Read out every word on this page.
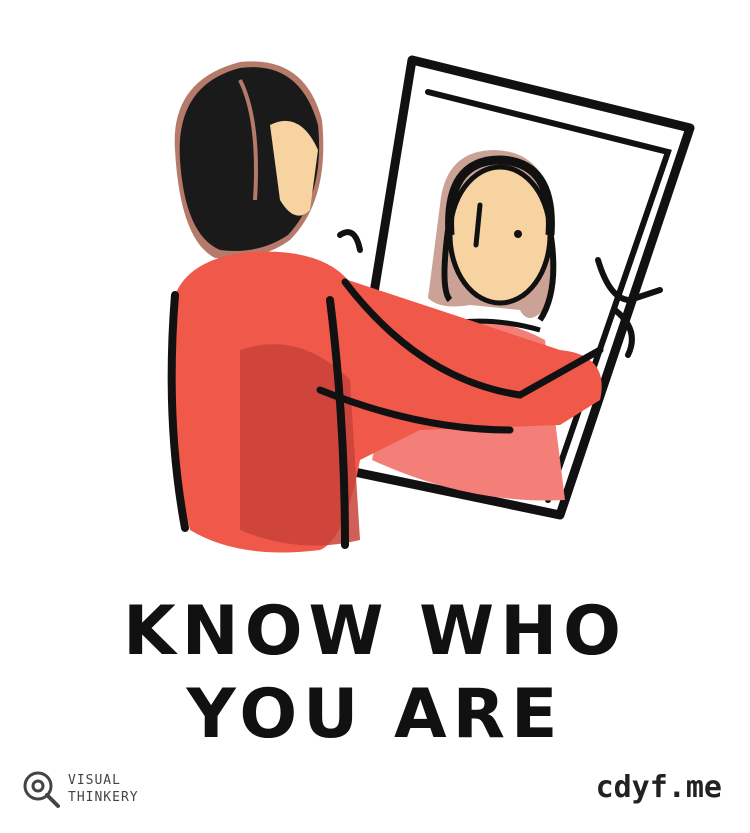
KNOW WHO
YOU ARE
VISUAL
THINKERY	cdyf.me
